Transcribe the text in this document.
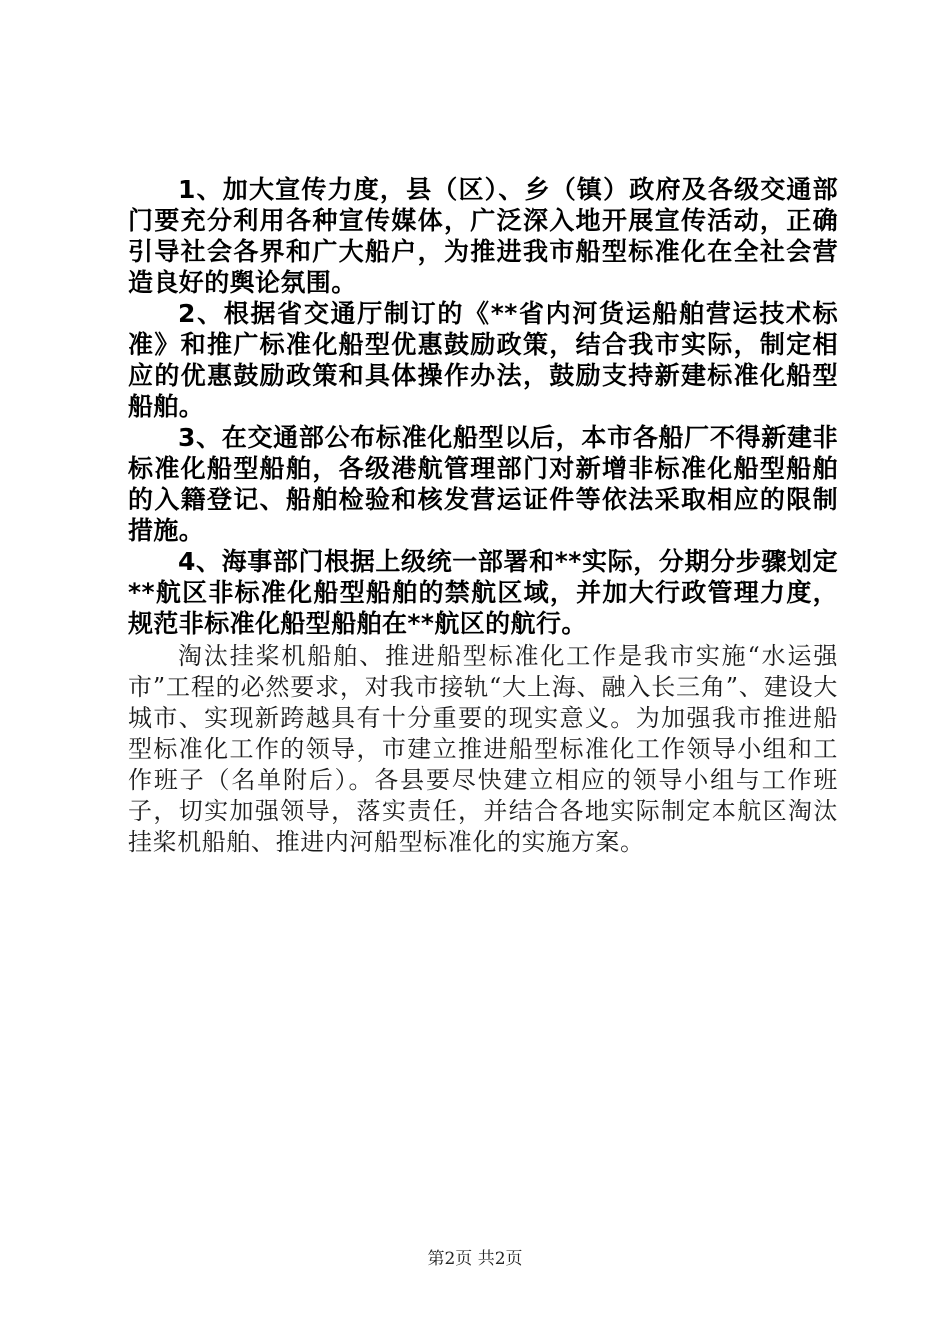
1、加大宣传力度，县（区）、乡（镇）政府及各级交通部门要充分利用各种宣传媒体，广泛深入地开展宣传活动，正确引导社会各界和广大船户，为推进我市船型标准化在全社会营造良好的舆论氛围。

2、根据省交通厅制订的《**省内河货运船舶营运技术标准》和推广标准化船型优惠鼓励政策，结合我市实际，制定相应的优惠鼓励政策和具体操作办法，鼓励支持新建标准化船型船舶。

3、在交通部公布标准化船型以后，本市各船厂不得新建非标准化船型船舶，各级港航管理部门对新增非标准化船型船舶的入籍登记、船舶检验和核发营运证件等依法采取相应的限制措施。

4、海事部门根据上级统一部署和**实际，分期分步骤划定**航区非标准化船型船舶的禁航区域，并加大行政管理力度，规范非标准化船型船舶在**航区的航行。

淘汰挂桨机船舶、推进船型标准化工作是我市实施“水运强市”工程的必然要求，对我市接轨“大上海、融入长三角”、建设大城市、实现新跨越具有十分重要的现实意义。为加强我市推进船型标准化工作的领导，市建立推进船型标准化工作领导小组和工作班子（名单附后）。各县要尽快建立相应的领导小组与工作班子，切实加强领导，落实责任，并结合各地实际制定本航区淘汰挂桨机船舶、推进内河船型标准化的实施方案。

第2页 共2页
